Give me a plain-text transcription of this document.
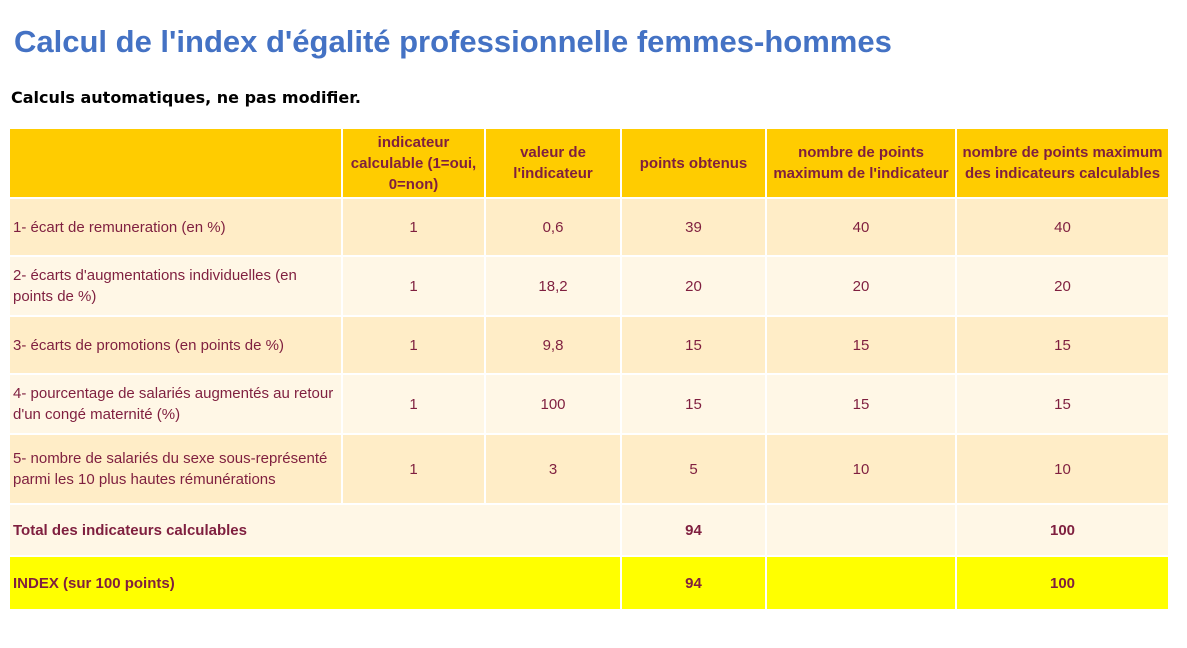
Calcul de l'index d'égalité professionnelle femmes-hommes
Calculs automatiques, ne pas modifier.
	indicateur calculable (1=oui, 0=non)	valeur de l'indicateur	points obtenus	nombre de points maximum de l'indicateur	nombre de points maximum des indicateurs calculables
1- écart de remuneration (en %)	1	0,6	39	40	40
2- écarts d'augmentations individuelles (en points de %)	1	18,2	20	20	20
3- écarts de promotions (en points de %)	1	9,8	15	15	15
4- pourcentage de salariés augmentés au retour d'un congé maternité (%)	1	100	15	15	15
5- nombre de salariés du sexe sous-représenté parmi les 10 plus hautes rémunérations	1	3	5	10	10
Total des indicateurs calculables			94		100
INDEX (sur 100 points)			94		100
